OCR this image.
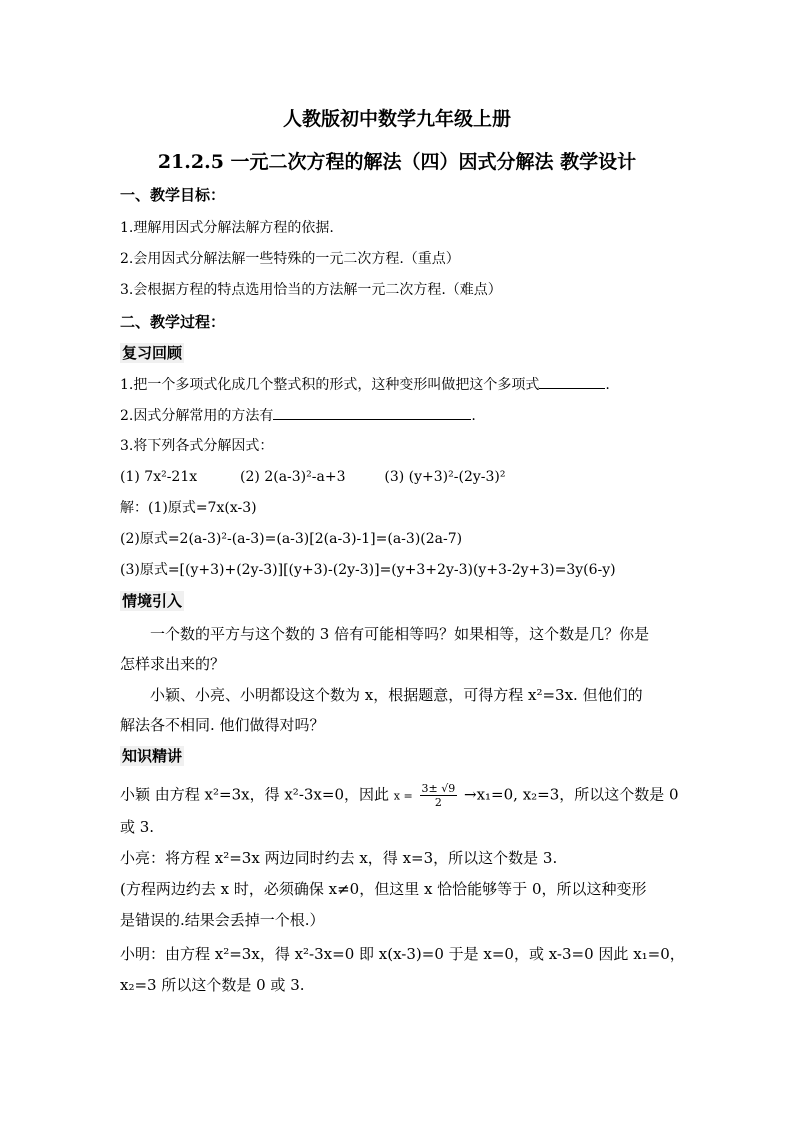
人教版初中数学九年级上册
21.2.5 一元二次方程的解法（四）因式分解法 教学设计
一、教学目标：
1.理解用因式分解法解方程的依据.
2.会用因式分解法解一些特殊的一元二次方程.（重点）
3.会根据方程的特点选用恰当的方法解一元二次方程.（难点）
二、教学过程：
复习回顾
1.把一个多项式化成几个整式积的形式，这种变形叫做把这个多项式	.
2.因式分解常用的方法有	.
3.将下列各式分解因式：
(1) 7x²-21x	(2) 2(a-3)²-a+3	(3) (y+3)²-(2y-3)²
解：(1)原式=7x(x-3)
(2)原式=2(a-3)²-(a-3)=(a-3)[2(a-3)-1]=(a-3)(2a-7)
(3)原式=[(y+3)+(2y-3)][(y+3)-(2y-3)]=(y+3+2y-3)(y+3-2y+3)=3y(6-y)
情境引入
一个数的平方与这个数的 3 倍有可能相等吗？如果相等，这个数是几？你是
怎样求出来的？
小颖、小亮、小明都设这个数为 x，根据题意，可得方程 x²=3x. 但他们的
解法各不相同. 他们做得对吗？
知识精讲
小颖 由方程 x²=3x，得 x²-3x=0，因此 $x = \frac{3\pm √9}{2} \to x_1=0$, x₂=3，所以这个数是 0
或 3.
小亮：将方程 x²=3x 两边同时约去 x，得 x=3，所以这个数是 3.
(方程两边约去 x 时，必须确保 x≠0，但这里 x 恰恰能够等于 0，所以这种变形
是错误的.结果会丢掉一个根.）
小明：由方程 x²=3x，得 x²-3x=0 即 x(x-3)=0 于是 x=0，或 x-3=0 因此 x₁=0，
x₂=3 所以这个数是 0 或 3.
